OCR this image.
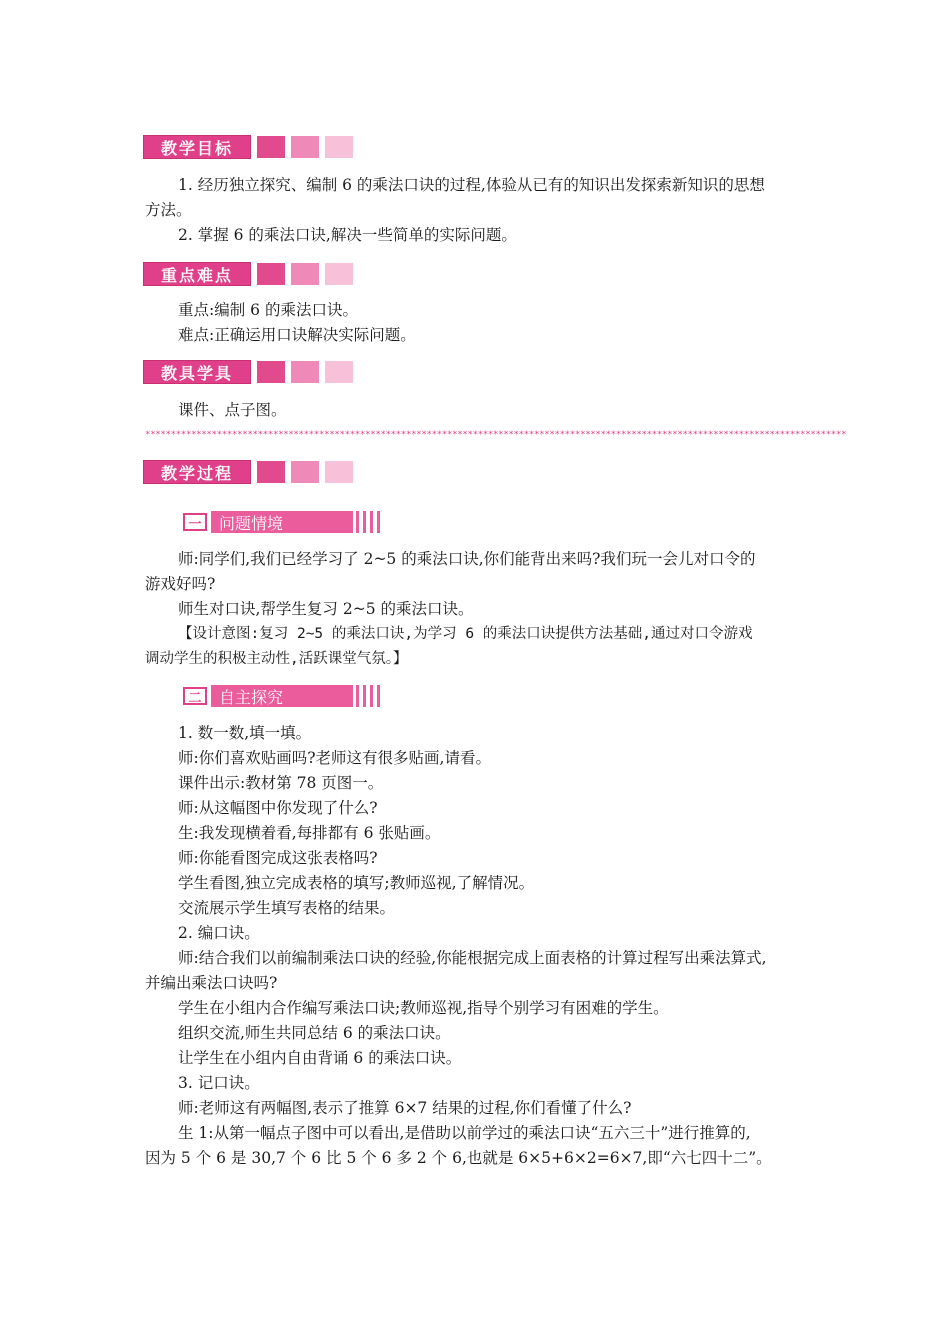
教学目标
1. 经历独立探究、编制 6 的乘法口诀的过程,体验从已有的知识出发探索新知识的思想
方法。
2. 掌握 6 的乘法口诀,解决一些简单的实际问题。
重点难点
重点:编制 6 的乘法口诀。
难点:正确运用口诀解决实际问题。
教具学具
课件、点子图。
*****************************************************************************************************************************************
教学过程
一	问题情境
师:同学们,我们已经学习了 2~5 的乘法口诀,你们能背出来吗?我们玩一会儿对口令的
游戏好吗?
师生对口诀,帮学生复习 2~5 的乘法口诀。
【设计意图:复习 2~5 的乘法口诀,为学习 6 的乘法口诀提供方法基础,通过对口令游戏
调动学生的积极主动性,活跃课堂气氛。】
二	自主探究
1. 数一数,填一填。
师:你们喜欢贴画吗?老师这有很多贴画,请看。
课件出示:教材第 78 页图一。
师:从这幅图中你发现了什么?
生:我发现横着看,每排都有 6 张贴画。
师:你能看图完成这张表格吗?
学生看图,独立完成表格的填写;教师巡视,了解情况。
交流展示学生填写表格的结果。
2. 编口诀。
师:结合我们以前编制乘法口诀的经验,你能根据完成上面表格的计算过程写出乘法算式,
并编出乘法口诀吗?
学生在小组内合作编写乘法口诀;教师巡视,指导个别学习有困难的学生。
组织交流,师生共同总结 6 的乘法口诀。
让学生在小组内自由背诵 6 的乘法口诀。
3. 记口诀。
师:老师这有两幅图,表示了推算 6×7 结果的过程,你们看懂了什么?
生 1:从第一幅点子图中可以看出,是借助以前学过的乘法口诀“五六三十”进行推算的,
因为 5 个 6 是 30,7 个 6 比 5 个 6 多 2 个 6,也就是 6×5+6×2=6×7,即“六七四十二”。
